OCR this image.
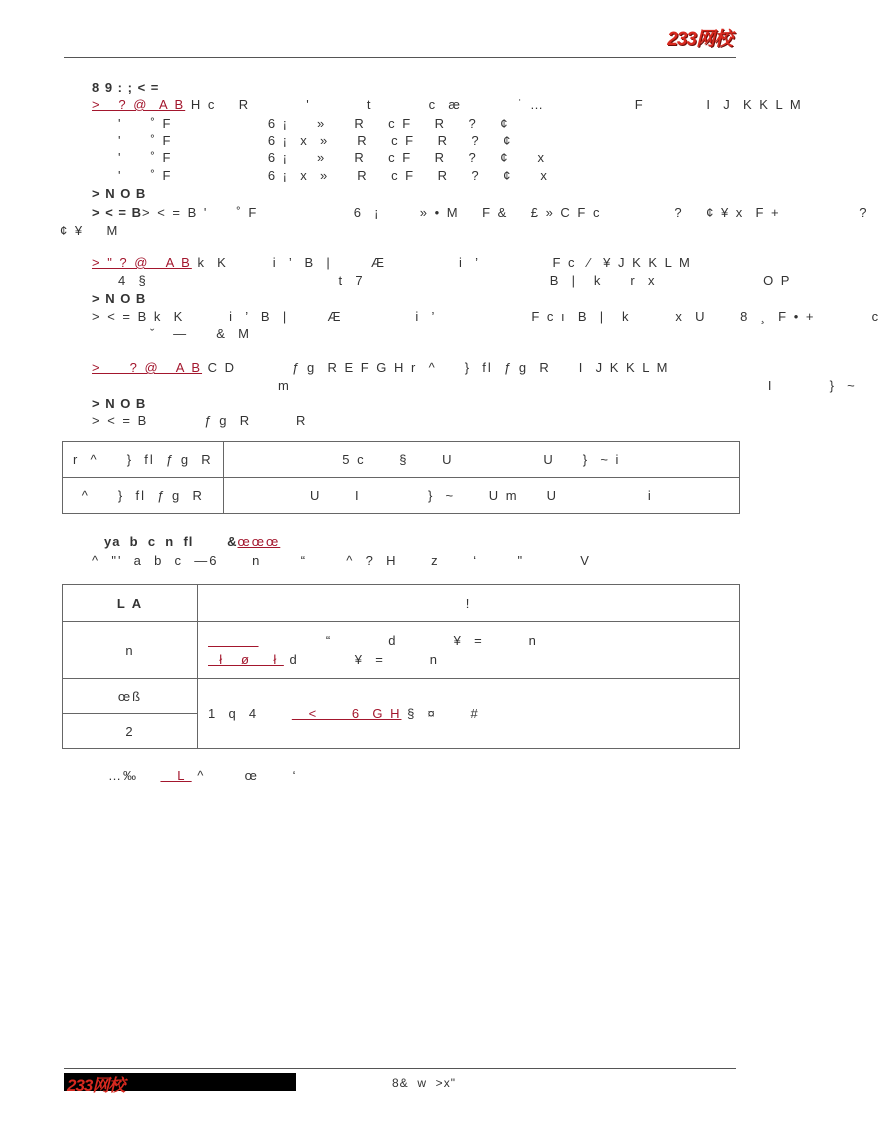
233网校
8 9 : ; < =
>   ? @  A B H c    R          '          t          c  æ          ˙ …                F           I  J  K K L M
'     ˚ F                 6 ¡     »     R    c F    R    ?    ¢
'     ˚ F                 6 ¡  x  »     R    c F    R    ?    ¢
'     ˚ F                 6 ¡     »     R    c F    R    ?    ¢     x
'     ˚ F                 6 ¡  x  »     R    c F    R    ?    ¢     x
> N O B
> < = B> < = B '     ˚ F                 6  ¡       » • M    F &    £ » C F c             ?    ¢ ¥ x  F +              ?
¢ ¥    M
> " ? @   A B k  K        i  ’  B  |       Æ             i  ’             F c  ⁄  ¥ J K K L M
4  §                                  t  7                                 B  |   k     r  x                   O P
> N O B
> < = B k  K        i  ’  B  |       Æ             i  ’                 F c ı  B  |   k        x  U      8  ¸  F • +          c
ˇ   —     &  M
>     ? @   A B C D          ƒ g  R E F G H r  ^     }  fl  ƒ g  R     I  J K K L M
m                                                                                     I          }  ~
> N O B
> < = B          ƒ g  R        R
r  ^     }  fl  ƒ g  R	5 c      §      U                U     }  ~ i
^     }  fl  ƒ g  R	U      I            }  ~      U m     U                i
ya  b  c  n  fl	&œœœ
^  "'  a  b  c  —6      n       “       ^  ?  H      z      ‘       "          V
L A	!
n	“          d          ¥  =        n
ł   ø    ł  d          ¥  =        n

œß	1  q  4         <      6  G H §  ¤      #
2	
…‰       L  ^       œ      ‘
233网校	8&  w  >x"
